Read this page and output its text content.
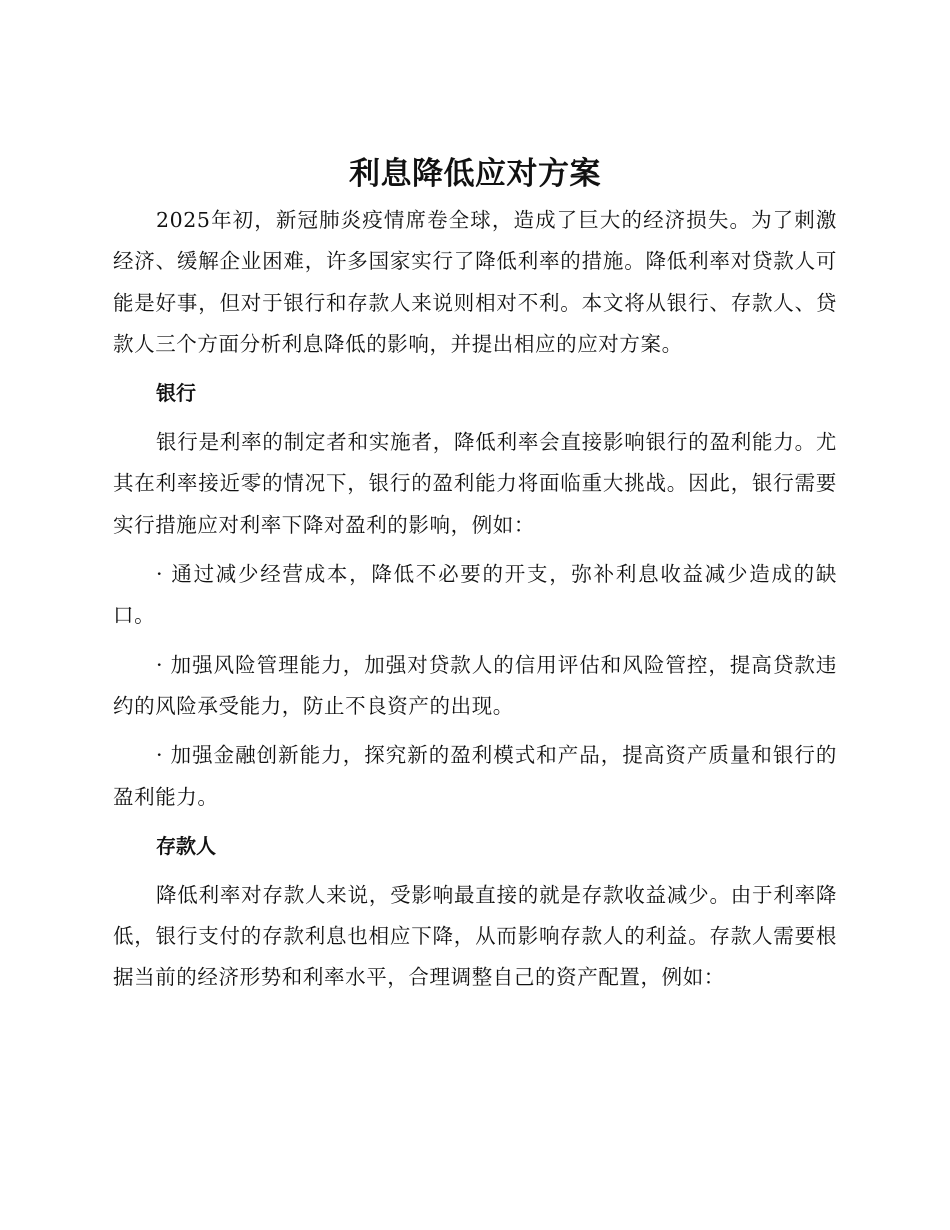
利息降低应对方案

2025年初，新冠肺炎疫情席卷全球，造成了巨大的经济损失。为了刺激经济、缓解企业困难，许多国家实行了降低利率的措施。降低利率对贷款人可能是好事，但对于银行和存款人来说则相对不利。本文将从银行、存款人、贷款人三个方面分析利息降低的影响，并提出相应的应对方案。

银行

银行是利率的制定者和实施者，降低利率会直接影响银行的盈利能力。尤其在利率接近零的情况下，银行的盈利能力将面临重大挑战。因此，银行需要实行措施应对利率下降对盈利的影响，例如：

· 通过减少经营成本，降低不必要的开支，弥补利息收益减少造成的缺口。

· 加强风险管理能力，加强对贷款人的信用评估和风险管控，提高贷款违约的风险承受能力，防止不良资产的出现。

· 加强金融创新能力，探究新的盈利模式和产品，提高资产质量和银行的盈利能力。

存款人

降低利率对存款人来说，受影响最直接的就是存款收益减少。由于利率降低，银行支付的存款利息也相应下降，从而影响存款人的利益。存款人需要根据当前的经济形势和利率水平，合理调整自己的资产配置，例如：
